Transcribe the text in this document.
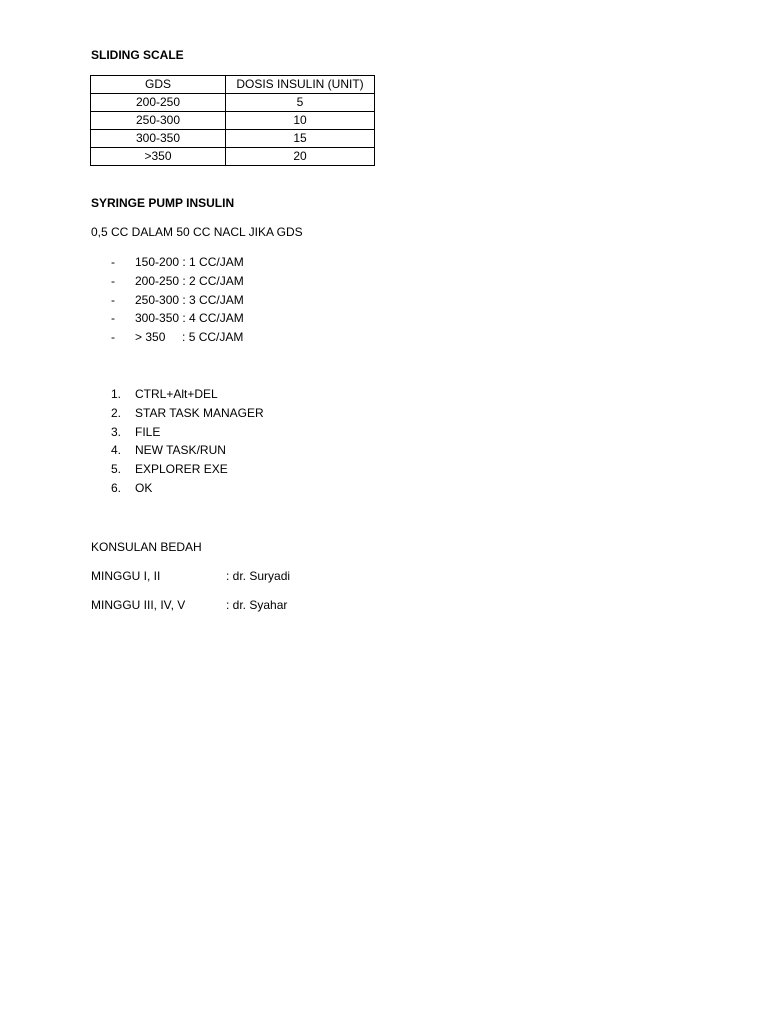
SLIDING SCALE
GDS	DOSIS INSULIN (UNIT)
200-250	5
250-300	10
300-350	15
>350	20
SYRINGE PUMP INSULIN
0,5 CC DALAM 50 CC NACL JIKA GDS
- 150-200 : 1 CC/JAM
- 200-250 : 2 CC/JAM
- 250-300 : 3 CC/JAM
- 300-350 : 4 CC/JAM
- > 350     : 5 CC/JAM
1. CTRL+Alt+DEL
2. STAR TASK MANAGER
3. FILE
4. NEW TASK/RUN
5. EXPLORER EXE
6. OK
KONSULAN BEDAH
MINGGU I, II	: dr. Suryadi
MINGGU III, IV, V	: dr. Syahar
